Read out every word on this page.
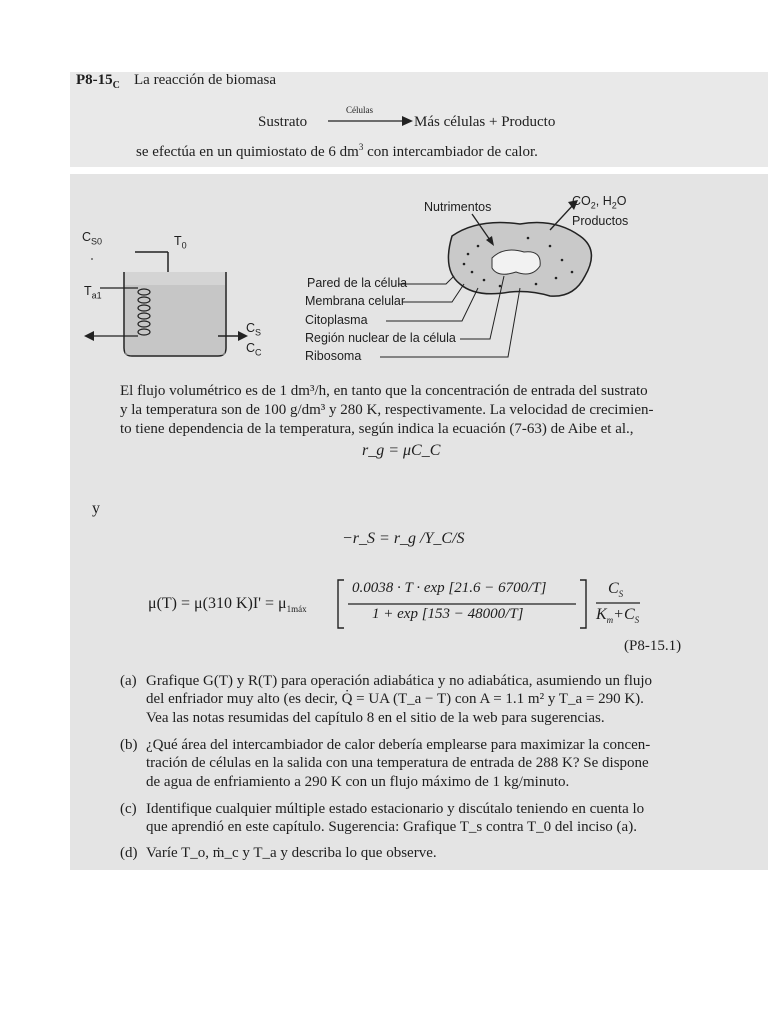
$P8-15_C$ La reacción de biomasa
Células
Sustrato	Más células + Producto
se efectúa en un quimiostato de 6 $dm^3$ con intercambiador de calor.
$C_{S0}$	$T_0$
$T_{a1}$
$C_S$
$C_C$
Nutrimentos	$CO_2$, $H_2O$
Productos
Pared de la célula
Membrana celular
Citoplasma
Región nuclear de la célula
Ribosoma

El flujo volumétrico es de 1 dm³/h, en tanto que la concentración de entrada del sustrato

y la temperatura son de 100 g/dm³ y 280 K, respectivamente. La velocidad de crecimien-

to tiene dependencia de la temperatura, según indica la ecuación (7-63) de Aibe et al.,

r_g = μC_C
y
−r_S = r_g /Y_C/S
μ(T) = μ(310 $K)I' = \mu_{1máx}$
0.0038 · T · exp [21.6 − 6700/T]
1 + exp [153 − 48000/T]
$C_S$
$K_m+C_S$
(P8-15.1)
(a) Grafique G(T) y R(T) para operación adiabática y no adiabática, asumiendo un flujo
del enfriador muy alto (es decir, Q̇ = UA (T_a − T) con A = 1.1 m² y T_a = 290 K).
Vea las notas resumidas del capítulo 8 en el sitio de la web para sugerencias.
(b) ¿Qué área del intercambiador de calor debería emplearse para maximizar la concen-
tración de células en la salida con una temperatura de entrada de 288 K? Se dispone
de agua de enfriamiento a 290 K con un flujo máximo de 1 kg/minuto.
(c) Identifique cualquier múltiple estado estacionario y discútalo teniendo en cuenta lo
que aprendió en este capítulo. Sugerencia: Grafique T_s contra T_0 del inciso (a).
(d) Varíe T_o, ṁ_c y T_a y describa lo que observe.
